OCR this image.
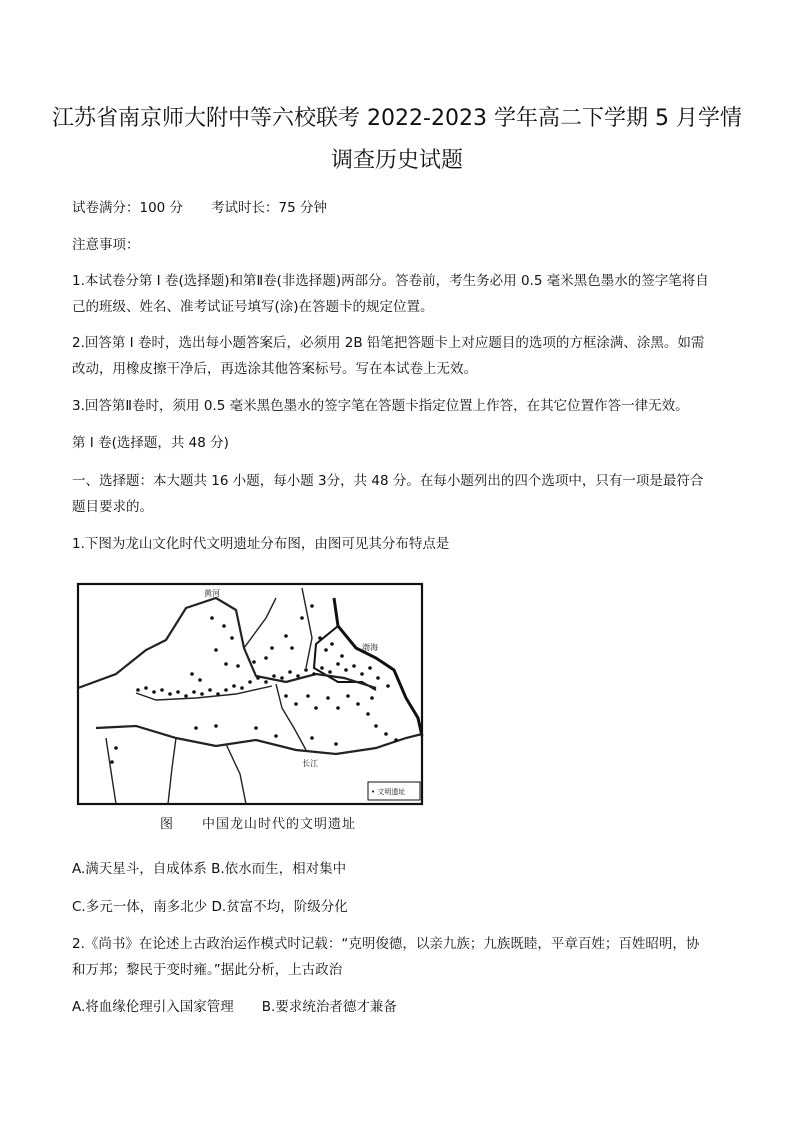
江苏省南京师大附中等六校联考 2022-2023 学年高二下学期 5 月学情
调查历史试题
试卷满分：100 分 考试时长：75 分钟
注意事项：
1.本试卷分第 I 卷(选择题)和第Ⅱ卷(非选择题)两部分。答卷前，考生务必用 0.5 毫米黑色墨水的签字笔将自
己的班级、姓名、准考试证号填写(涂)在答题卡的规定位置。
2.回答第 I 卷时，选出每小题答案后，必须用 2B 铅笔把答题卡上对应题目的选项的方框涂满、涂黑。如需
改动，用橡皮擦干净后，再选涂其他答案标号。写在本试卷上无效。
3.回答第Ⅱ卷时，须用 0.5 毫米黑色墨水的签字笔在答题卡指定位置上作答，在其它位置作答一律无效。
第 I 卷(选择题，共 48 分)
一、选择题：本大题共 16 小题，每小题 3分，共 48 分。在每小题列出的四个选项中，只有一项是最符合
题目要求的。
1.下图为龙山文化时代文明遗址分布图，由图可见其分布特点是
黄河
渤海
长江
• 文明遗址
图　　中国龙山时代的文明遗址
A.满天星斗，自成体系 B.依水而生，相对集中
C.多元一体，南多北少 D.贫富不均，阶级分化
2.《尚书》在论述上古政治运作模式时记载：“克明俊德，以亲九族；九族既睦，平章百姓；百姓昭明，协
和万邦；黎民于变时雍。”据此分析，上古政治
A.将血缘伦理引入国家管理 B.要求统治者德才兼备
